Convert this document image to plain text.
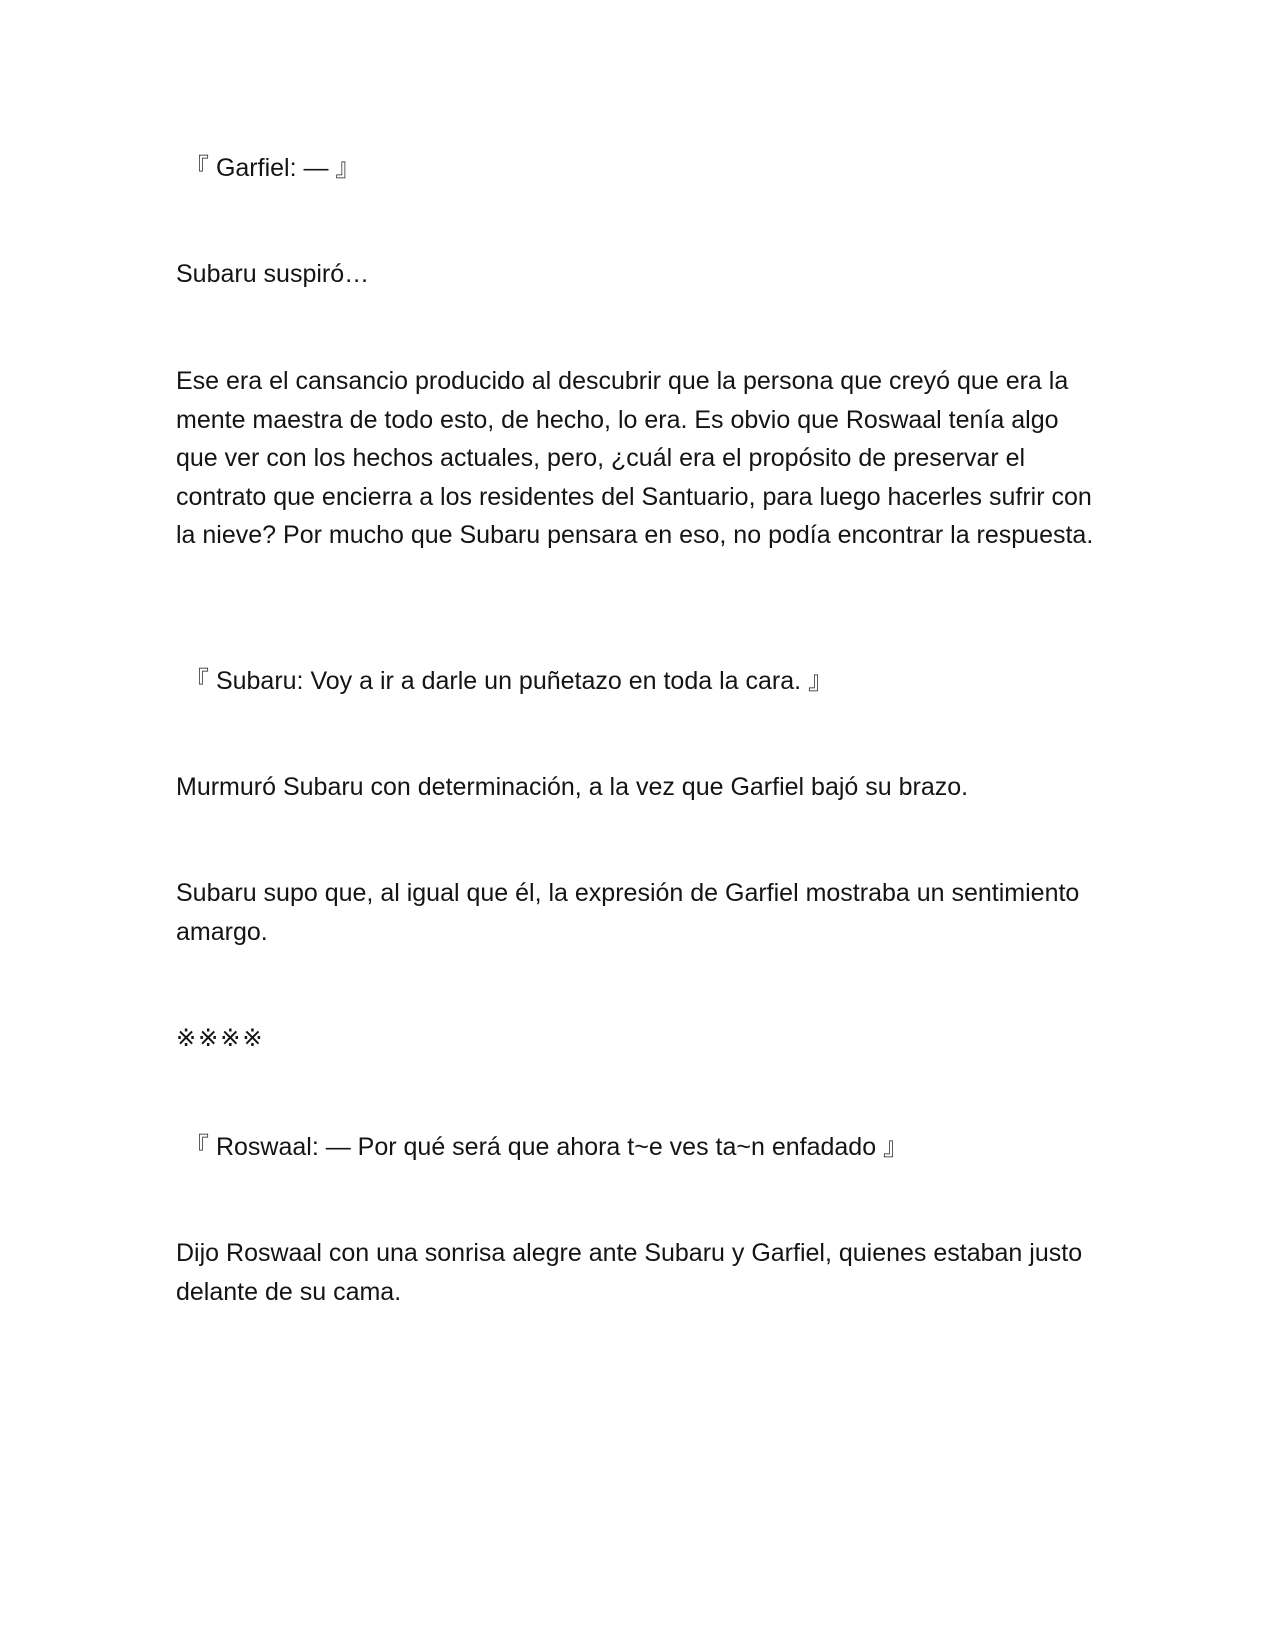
『 Garfiel: — 』

Subaru suspiró…

Ese era el cansancio producido al descubrir que la persona que creyó que era la mente maestra de todo esto, de hecho, lo era. Es obvio que Roswaal tenía algo que ver con los hechos actuales, pero, ¿cuál era el propósito de preservar el contrato que encierra a los residentes del Santuario, para luego hacerles sufrir con la nieve? Por mucho que Subaru pensara en eso, no podía encontrar la respuesta.

『 Subaru: Voy a ir a darle un puñetazo en toda la cara. 』

Murmuró Subaru con determinación, a la vez que Garfiel bajó su brazo.

Subaru supo que, al igual que él, la expresión de Garfiel mostraba un sentimiento amargo.

※※※※

『 Roswaal: — Por qué será que ahora t~e ves ta~n enfadado 』

Dijo Roswaal con una sonrisa alegre ante Subaru y Garfiel, quienes estaban justo delante de su cama.
